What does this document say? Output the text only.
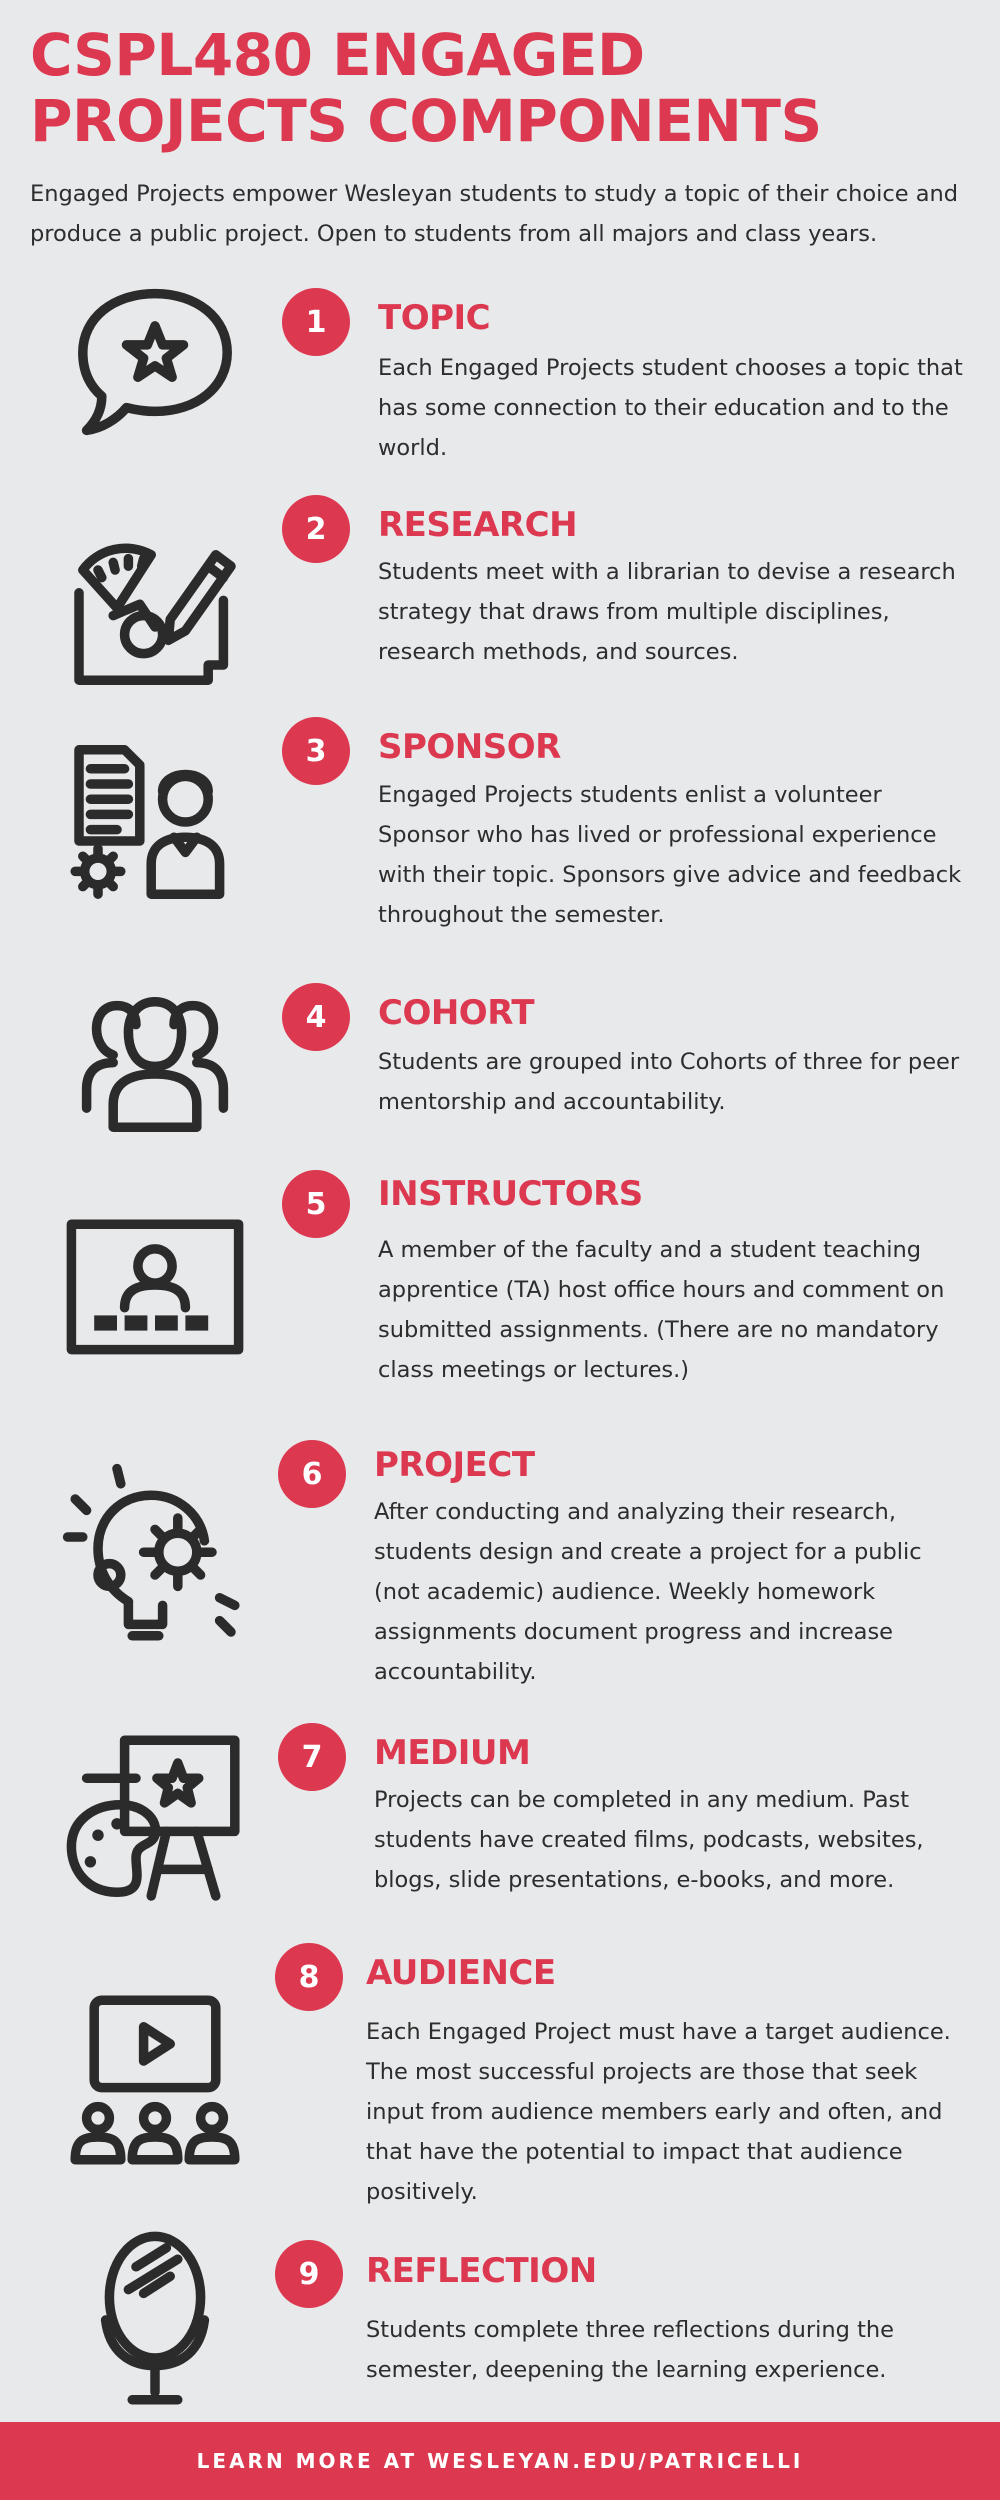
CSPL480 ENGAGED PROJECTS COMPONENTS

Engaged Projects empower Wesleyan students to study a topic of their choice and produce a public project. Open to students from all majors and class years.

1	TOPIC

Each Engaged Projects student chooses a topic that has some connection to their education and to the world.

2	RESEARCH

Students meet with a librarian to devise a research strategy that draws from multiple disciplines, research methods, and sources.

3	SPONSOR

Engaged Projects students enlist a volunteer Sponsor who has lived or professional experience with their topic. Sponsors give advice and feedback throughout the semester.

4	COHORT

Students are grouped into Cohorts of three for peer mentorship and accountability.

5	INSTRUCTORS

A member of the faculty and a student teaching apprentice (TA) host office hours and comment on submitted assignments. (There are no mandatory class meetings or lectures.)

6	PROJECT

After conducting and analyzing their research, students design and create a project for a public (not academic) audience. Weekly homework assignments document progress and increase accountability.

7	MEDIUM

Projects can be completed in any medium. Past students have created films, podcasts, websites, blogs, slide presentations, e-books, and more.

8	AUDIENCE

Each Engaged Project must have a target audience. The most successful projects are those that seek input from audience members early and often, and that have the potential to impact that audience positively.

9	REFLECTION

Students complete three reflections during the semester, deepening the learning experience.

LEARN MORE AT WESLEYAN.EDU/PATRICELLI
